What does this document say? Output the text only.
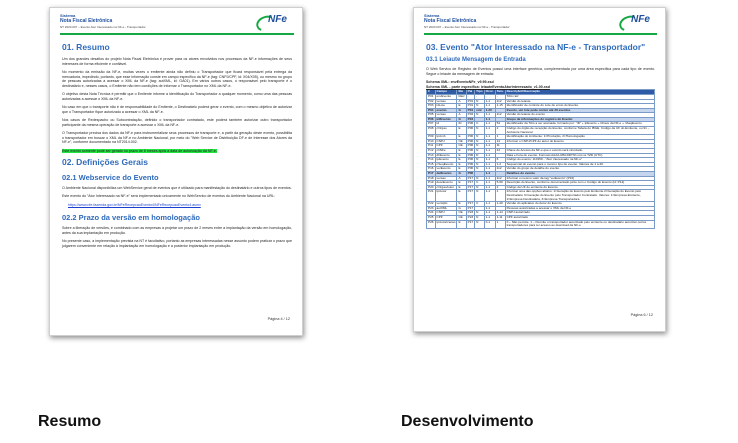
Sistema
Nota Fiscal Eletrônica
NT 2020.007 – Evento Ator Interessado na NF-e - Transportador
NFe
01. Resumo

Um dos grandes desafios do projeto Nota Fiscal Eletrônica é prover para os atores envolvidos nos processos da NF-e informações de seus interesses de forma eficiente e confiável.

No momento da emissão da NF-e, muitas vezes o emitente ainda não definiu o Transportador que ficará responsável pela entrega da mercadoria, impedindo, portanto, que esse informação conste em campo específico da NF-e (tag: CNPJ/CPF, id: X04/X05), ou mesmo no grupo de pessoas autorizadas a acessar o XML da NF-e (tag: autXML, id: GA01). Em vários outros casos, o responsável pelo transporte é o destinatário e, nesses casos, o Emitente não tem condições de informar o Transportador no XML da NF-e.

O objetivo desta Nota Técnica é permitir que o Emitente informe a identificação do Transportador a qualquer momento, como uma das pessoas autorizadas a acessar o XML da NF-e.

No caso em que o transporte não é de responsabilidade do Emitente, o Destinatário poderá gerar o evento, com o mesmo objetivo de autorizar que o Transportador fique autorizado a acessar o XML da NF-e.

Nos casos de Redespacho ou Subcontratação, definido o transportador contratado, este poderá também autorizar outro transportador participante da mesma operação de transporte a acessar o XML da NF-e.

O Transportador precisa dos dados da NF-e para instrumentalizar seus processos de transporte e, a partir da geração deste evento, possibilita o transportador em buscar o XML da NF-e no Ambiente Nacional, por meio do "Web Service de Distribuição DF-e de Interesse dos Atores da NF-e", conforme documentado na NT2014.002.

Este evento somente pode ser gerado no prazo de 6 meses após a data de autorização da NF-e.

02. Definições Gerais
02.1 Webservice do Evento

O Ambiente Nacional disponibiliza um WebService geral de eventos que é utilizado para manifestação do destinatário e outros tipos de eventos.

Este evento do "Ator Interessado na NF-e" será implementado unicamente no WebServico de eventos do Ambiente Nacional na URL:

https://www.nfe.fazenda.gov.br/NFeRecepcaoEvento4/NFeRecepcaoEvento4.asmx

02.2 Prazo da versão em homologação

Sobre a liberação de versões, é combinado com as empresas a projetar um prazo de 2 meses entre a implantação da versão em homologação, antes da sua implantação em produção.

No presente caso, a implementação prevista na NT é facultativo, portanto as empresas interessadas nesse assunto podem praticar o prazo que julgarem conveniente em relação à implantação em homologação e a posterior implantação em produção.

Página 4 / 12
Sistema
Nota Fiscal Eletrônica
NT 2020.007 – Evento Ator Interessado na NF-e - Transportador
NFe
03. Evento "Ator Interessado na NF-e - Transportador"
03.1 Leiaute Mensagem de Entrada

O Web Servico de Registro de Eventos possui uma interface genérica, complementada por uma área específica para cada tipo de evento. Segue o leiaute da mensagem de entrada:

Schema XML: envEventoNFe_v9.99.xsd

Schema XML - parte específica: leiauteEventoAtorInteressado_v1.00.xsd

#	Campo	Ele	Pai	Tipo	Ocor.	Tam.	Descrição/Observação
P01	envEvento	Raiz	-	-	-	-	TAG raiz
P02	versao	A	P01	N	1-1	2v2	Versão do leiaute
P03	idLote	E	P01	N	1-1	1-15	Identificador de controle do Lote de envio do Evento.
P04	evento	G	P01	xml	1-20		Evento, um lote pode conter até 20 eventos
P05	versao	A	P04	N	1-1	2v2	Versão do leiaute do evento
P06	infEvento	G	P04		1-1		Grupo de informações do registro do Evento
P07	Id	ID	P06	C	1-1	54	Identificador da TAG a ser assinada, formado por: "ID" + tpEvento + Chave da NF-e + nSeqEvento
P08	cOrgao	E	P06	N	1-1	2	Código do órgão de recepção do Evento, conforme Tabela do IBGE. Código da UF do Emitente, ou 91 – Ambiente Nacional
P09	tpAmb	E	P06	N	1-1	1	Identificação do Ambiente: 1=Produção, 2=Homologação
P10	CNPJ	CE	P06	N	1-1	14	Informar o CNPJ/CPF do autor do Evento.
P11	CPF	CE	P06	N	1-1	11	
P12	chNFe	E	P06	N	1-1	44	Chave de Acesso da NF-e que o evento será vinculado.
P13	dhEvento	E	P06	D	1-1		Data e hora do evento. Formato AAAA-MM-DDThh:mm:ss TZD (UTC)
P14	tpEvento	E	P06	N	1-1	6	Código do evento: 110150 - "Ator interessado na NF-e"
P15	nSeqEvento	E	P06	N	1-1	1-2	Sequencial do evento para o mesmo tipo de evento. Valores de 1 a 20.
P16	verEvento	E	P06	N	1-1	2v2	Versão do grupo de detalhe do evento.
P17	detEvento	G	P06		1-1		Detalhes do evento
P18	versao	A	P17	N	1-1	2v2	Informar o mesmo valor da tag "verEvento" (P16)
P19	descEvento	E	P17	C	1-1	5-60	Descrição do Evento, conforme documentado junto com o Código do Evento (id: P14).
P20	cOrgaoAutor	E	P17	N	1-1	2	Código da UF do emitente do Evento.
P21	tpAutor	E	P17	N	1-1	1	Informar uma das opções abaixo: 1=Geração do Evento pelo Emitente 2=Geração do Evento pelo Destinatário 3=Geração do Evento pelo Transportador Contratado. Valores: 1=Empresa Emitente, 2=Empresa Destinatária, 3=Empresa Transportadora.
P22	verAplic	E	P17	C	1-1	1-20	Versão do aplicativo do Autor do Evento.
P23	autXML	G	P17		1-1		Pessoas autorizadas a acessar o XML da NF-e
P24	CNPJ	CE	P23	N	1-1	1-14	CNPJ autorizado
P25	CPF	CE	P23	N	1-1	1-11	CPF autorizado
P26	tpAutorizacao	E	P17	N	0-1	1	0 – Não permite. 1 – Permite o transportador autorizado pelo emitente ou destinatário autorizar outros transportadores para ter acesso ao download da NF-e
Página 6 / 12
Resumo	Desenvolvimento
